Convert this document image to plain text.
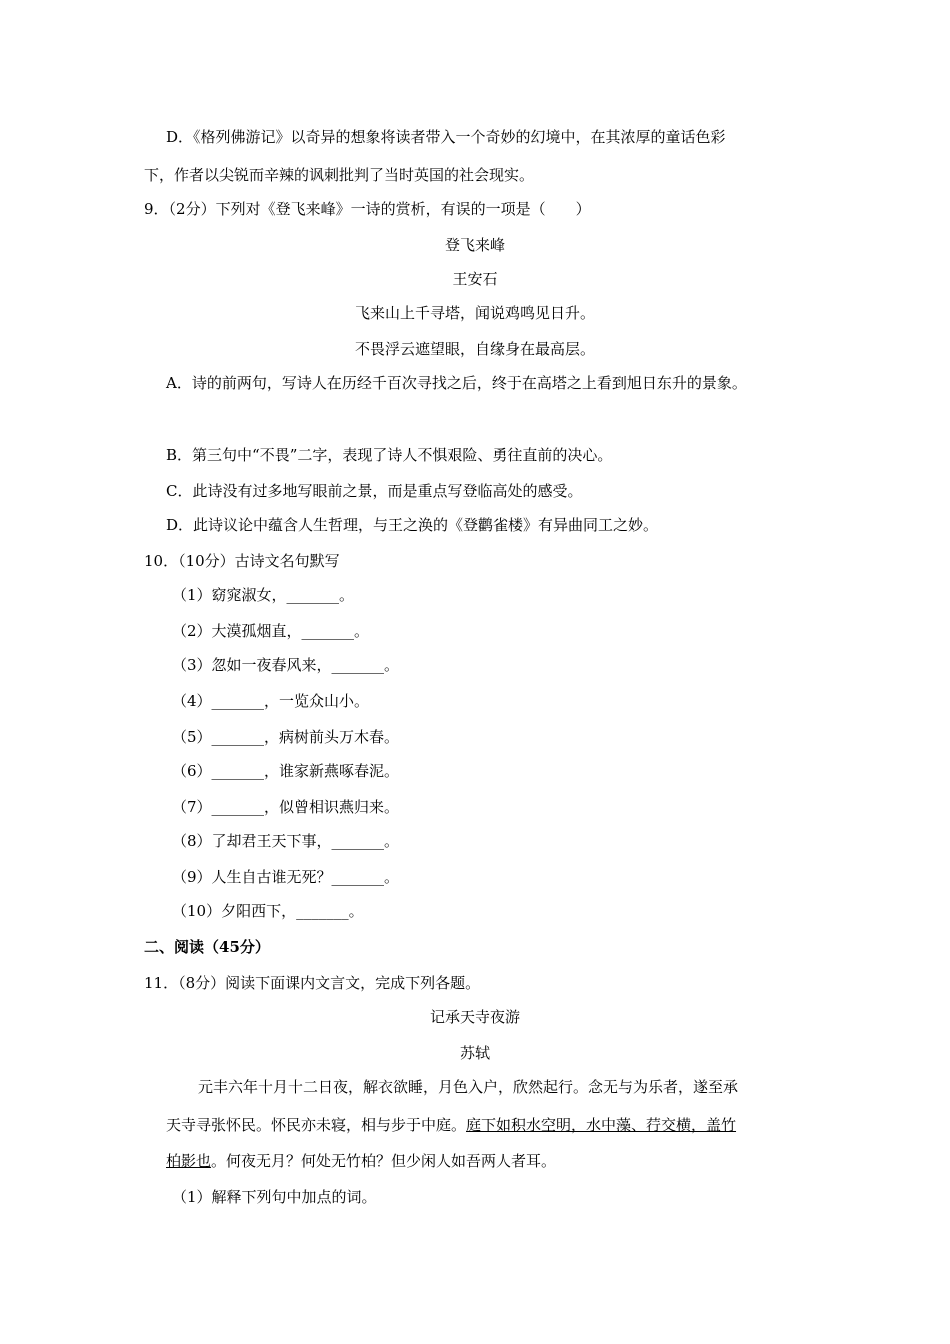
D．《格列佛游记》以奇异的想象将读者带入一个奇妙的幻境中，在其浓厚的童话色彩
下，作者以尖锐而辛辣的讽刺批判了当时英国的社会现实。
9．（2分）下列对《登飞来峰》一诗的赏析，有误的一项是（　　）
登飞来峰
王安石
飞来山上千寻塔，闻说鸡鸣见日升。
不畏浮云遮望眼，自缘身在最高层。
A．诗的前两句，写诗人在历经千百次寻找之后，终于在高塔之上看到旭日东升的景象。
B．第三句中“不畏”二字，表现了诗人不惧艰险、勇往直前的决心。
C．此诗没有过多地写眼前之景，而是重点写登临高处的感受。
D．此诗议论中蕴含人生哲理，与王之涣的《登鹳雀楼》有异曲同工之妙。
10．（10分）古诗文名句默写
（1）窈窕淑女，_______。
（2）大漠孤烟直，_______。
（3）忽如一夜春风来，_______。
（4）_______，一览众山小。
（5）_______，病树前头万木春。
（6）_______，谁家新燕啄春泥。
（7）_______，似曾相识燕归来。
（8）了却君王天下事，_______。
（9）人生自古谁无死？_______。
（10）夕阳西下，_______。
二、阅读（45分）
11．（8分）阅读下面课内文言文，完成下列各题。
记承天寺夜游
苏轼
元丰六年十月十二日夜，解衣欲睡，月色入户，欣然起行。念无与为乐者，遂至承
天寺寻张怀民。怀民亦未寝，相与步于中庭。庭下如积水空明，水中藻、荇交横，盖竹
柏影也。何夜无月？何处无竹柏？但少闲人如吾两人者耳。
（1）解释下列句中加点的词。
